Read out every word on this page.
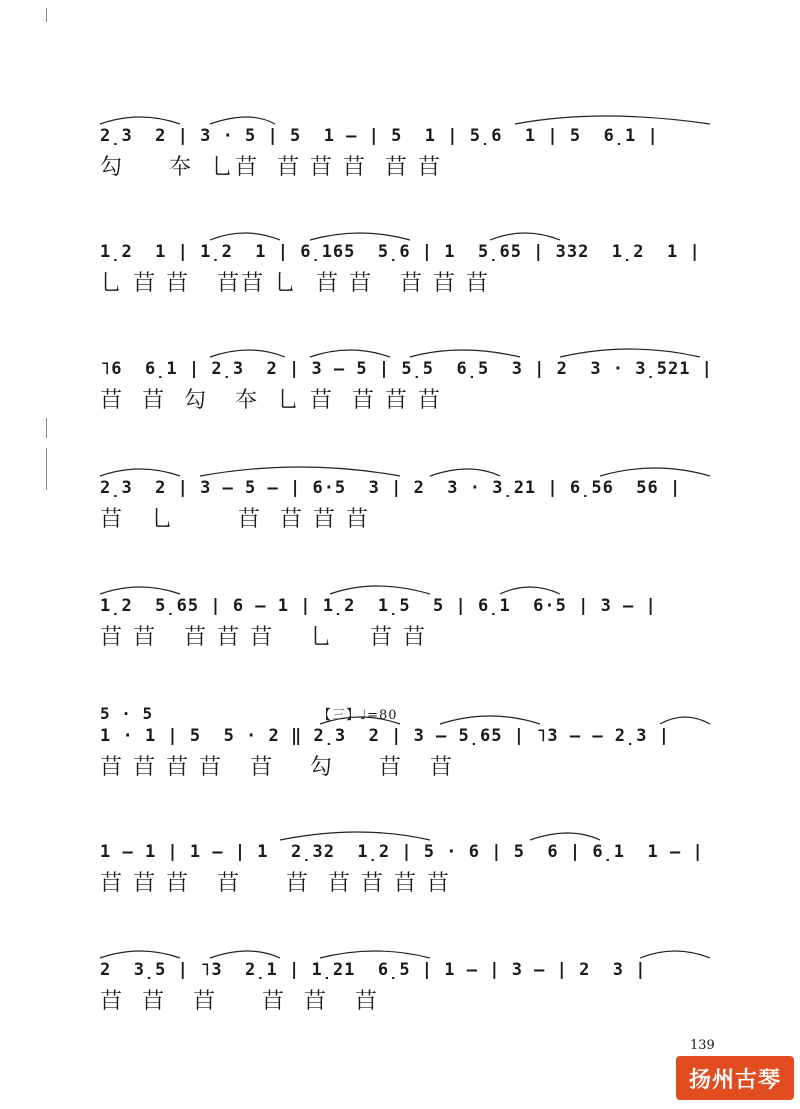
2̣3  2 | 3 · 5 | 5  1 — | 5  1 | 5̣6  1 | 5  6̣1 |
勾     夲  乚䒤  䒤 䒤 䒤  䒤 䒤
1̣2  1 | 1̣2  1 | 6̣165  5̣6 | 1  5̣65 | 332  1̣2  1 |
乚 䒤 䒤   䒤䒤 乚  䒤 䒤   䒤 䒤 䒤
˥6  6̣1 | 2̣3  2 | 3 — 5 | 5̣5  6̣5  3 | 2  3 · 3̣521 |
䒤  䒤  勾   夲  乚 䒤  䒤 䒤 䒤
2̣3  2 | 3 — 5 — | 6·5  3 | 2  3 · 3̣21 | 6̣56  56 |
䒤   乚       䒤  䒤 䒤 䒤
1̣2  5̣65 | 6 — 1 | 1̣2  1̣5  5 | 6̣1  6·5 | 3 — |
䒤 䒤   䒤 䒤 䒤    乚    䒤 䒤
5 · 5	【三】♩=80
1 · 1 | 5  5 · 2 ‖ 2̣3  2 | 3 — 5̣65 | ˥3 — — 2̣3 |
䒤 䒤 䒤 䒤   䒤    勾     䒤   䒤
1 — 1 | 1 — | 1  2̣32  1̣2 | 5 · 6 | 5  6 | 6̣1  1 — |
䒤 䒤 䒤   䒤     䒤  䒤 䒤 䒤 䒤
2  3̣5 | ˥3  2̣1 | 1̣21  6̣5 | 1 — | 3 — | 2  3 |
䒤  䒤   䒤     䒤  䒤   䒤
139
扬州古琴
